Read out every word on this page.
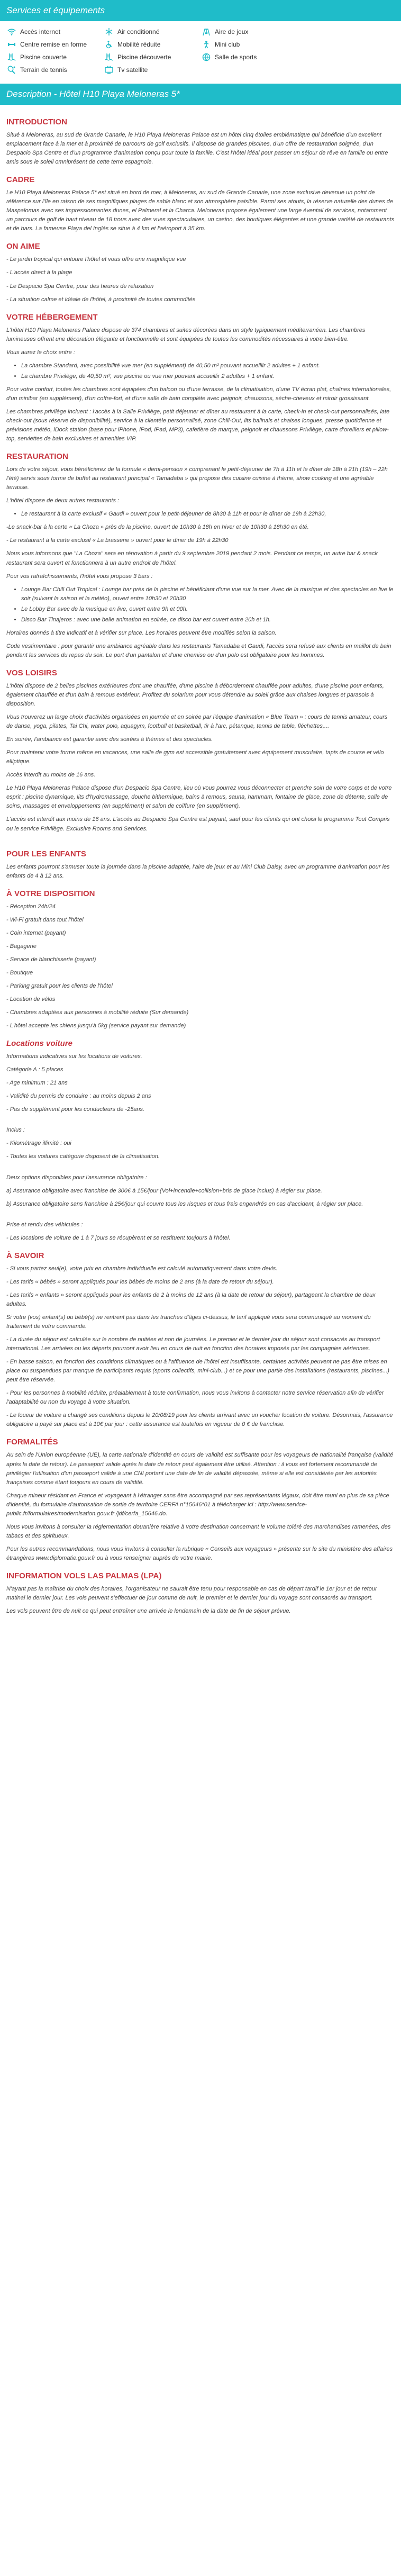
Services et équipements
Accès internet	Air conditionné	Aire de jeux
Centre remise en forme	Mobilité réduite	Mini club
Piscine couverte	Piscine découverte	Salle de sports
Terrain de tennis	Tv satellite
Description - Hôtel H10 Playa Meloneras 5*
INTRODUCTION

Situé à Meloneras, au sud de Grande Canarie, le H10 Playa Meloneras Palace est un hôtel cinq étoiles emblématique qui bénéficie d'un excellent emplacement face à la mer et à proximité de parcours de golf exclusifs. Il dispose de grandes piscines, d'un offre de restauration soignée, d'un Despacio Spa Centre et d'un programme d'animation conçu pour toute la famille. C'est l'hôtel idéal pour passer un séjour de rêve en famille ou entre amis sous le soleil omniprésent de cette terre espagnole.

CADRE

Le H10 Playa Meloneras Palace 5* est situé en bord de mer, à Meloneras, au sud de Grande Canarie, une zone exclusive devenue un point de référence sur l'île en raison de ses magnifiques plages de sable blanc et son atmosphère paisible. Parmi ses atouts, la réserve naturelle des dunes de Maspalomas avec ses impressionnantes dunes, el Palmeral et la Charca. Meloneras propose également une large éventail de services, notamment un parcours de golf de haut niveau de 18 trous avec des vues spectaculaires, un casino, des boutiques élégantes et une grande variété de restaurants et de bars. La fameuse Playa del Inglés se situe à 4 km et l'aéroport à 35 km.

ON AIME

- Le jardin tropical qui entoure l'hôtel et vous offre une magnifique vue

- L'accès direct à la plage

- Le Despacio Spa Centre, pour des heures de relaxation

- La situation calme et idéale de l'hôtel, à proximité de toutes commodités

VOTRE HÉBERGEMENT

L'hôtel H10 Playa Meloneras Palace dispose de 374 chambres et suites décorées dans un style typiquement méditerranéen. Les chambres lumineuses offrent une décoration élégante et fonctionnelle et sont équipées de toutes les commodités nécessaires à votre bien-être.

Vous aurez le choix entre :

• La chambre Standard, avec possibilité vue mer (en supplément) de 40,50 m² pouvant accueillir 2 adultes + 1 enfant.
• La chambre Privilège, de 40,50 m², vue piscine ou vue mer pouvant accueillir 2 adultes + 1 enfant.

Pour votre confort, toutes les chambres sont équipées d'un balcon ou d'une terrasse, de la climatisation, d'une TV écran plat, chaînes internationales, d'un minibar (en supplément), d'un coffre-fort, et d'une salle de bain complète avec peignoir, chaussons, sèche-cheveux et miroir grossissant.

Les chambres privilège incluent : l'accès à la Salle Privilège, petit déjeuner et dîner au restaurant à la carte, check-in et check-out personnalisés, late check-out (sous réserve de disponibilité), service à la clientèle personnalisé, zone Chill-Out, lits balinais et chaises longues, presse quotidienne et prévisions météo, iDock station (base pour iPhone, iPod, iPad, MP3), cafetière de marque, peignoir et chaussons Privilège, carte d'oreillers et pillow-top, serviettes de bain exclusives et amenities VIP.

RESTAURATION

Lors de votre séjour, vous bénéficierez de la formule « demi-pension » comprenant le petit-déjeuner de 7h à 11h et le dîner de 18h à 21h (19h – 22h l'été) servis sous forme de buffet au restaurant principal « Tamadaba » qui propose des cuisine cuisine à thème, show cooking et une agréable terrasse.

L'hôtel dispose de deux autres restaurants :

• Le restaurant à la carte exclusif « Gaudi » ouvert pour le petit-déjeuner de 8h30 à 11h et pour le dîner de 19h à 22h30,

-Le snack-bar à la carte « La Choza » près de la piscine, ouvert de 10h30 à 18h en hiver et de 10h30 à 18h30 en été.

- Le restaurant à la carte exclusif « La brasserie » ouvert pour le dîner de 19h à 22h30

Nous vous informons que "La Choza" sera en rénovation à partir du 9 septembre 2019 pendant 2 mois. Pendant ce temps, un autre bar & snack restaurant sera ouvert et fonctionnera à un autre endroit de l'hôtel.

Pour vos rafraîchissements, l'hôtel vous propose 3 bars :

• Lounge Bar Chill Out Tropical : Lounge bar près de la piscine et bénéficiant d'une vue sur la mer. Avec de la musique et des spectacles en live le soir (suivant la saison et la météo), ouvert entre 10h30 et 20h30
• Le Lobby Bar avec de la musique en live, ouvert entre 9h et 00h.
• Disco Bar Tinajeros : avec une belle animation en soirée, ce disco bar est ouvert entre 20h et 1h.

Horaires donnés à titre indicatif et à vérifier sur place. Les horaires peuvent être modifiés selon la saison.

Code vestimentaire : pour garantir une ambiance agréable dans les restaurants Tamadaba et Gaudi, l'accès sera refusé aux clients en maillot de bain pendant les services du repas du soir. Le port d'un pantalon et d'une chemise ou d'un polo est obligatoire pour les hommes.

VOS LOISIRS

L'hôtel dispose de 2 belles piscines extérieures dont une chauffée, d'une piscine à débordement chauffée pour adultes, d'une piscine pour enfants, également chauffée et d'un bain à remous extérieur. Profitez du solarium pour vous détendre au soleil grâce aux chaises longues et parasols à disposition.

Vous trouverez un large choix d'activités organisées en journée et en soirée par l'équipe d'animation « Blue Team » : cours de tennis amateur, cours de danse, yoga, pilates, Tai Chi, water polo, aquagym, football et basketball, tir à l'arc, pétanque, tennis de table, fléchettes,...

En soirée, l'ambiance est garantie avec des soirées à thèmes et des spectacles.

Pour maintenir votre forme même en vacances, une salle de gym est accessible gratuitement avec équipement musculaire, tapis de course et vélo elliptique.

Accès interdit au moins de 16 ans.

Le H10 Playa Meloneras Palace dispose d'un Despacio Spa Centre, lieu où vous pourrez vous déconnecter et prendre soin de votre corps et de votre esprit : piscine dynamique, lits d'hydromassage, douche bithermique, bains à remous, sauna, hammam, fontaine de glace, zone de détente, salle de soins, massages et enveloppements (en supplément) et salon de coiffure (en supplément).

L'accès est interdit aux moins de 16 ans. L'accès au Despacio Spa Centre est payant, sauf pour les clients qui ont choisi le programme Tout Compris ou le service Privilège. Exclusive Rooms and Services.

POUR LES ENFANTS

Les enfants pourront s'amuser toute la journée dans la piscine adaptée, l'aire de jeux et au Mini Club Daisy, avec un programme d'animation pour les enfants de 4 à 12 ans.

À VOTRE DISPOSITION

- Réception 24h/24

- Wi-Fi gratuit dans tout l'hôtel

- Coin internet (payant)

- Bagagerie

- Service de blanchisserie (payant)

- Boutique

- Parking gratuit pour les clients de l'hôtel

- Location de vélos

- Chambres adaptées aux personnes à mobilité réduite (Sur demande)

- L'hôtel accepte les chiens jusqu'à 5kg (service payant sur demande)

Locations voiture

Informations indicatives sur les locations de voitures.

Catégorie A : 5 places

- Age minimum : 21 ans

- Validité du permis de conduire : au moins depuis 2 ans

- Pas de supplément pour les conducteurs de -25ans.

Inclus :

- Kilométrage illimité : oui

- Toutes les voitures catégorie disposent de la climatisation.

Deux options disponibles pour l'assurance obligatoire :

a) Assurance obligatoire avec franchise de 300€ à 15€/jour (Vol+incendie+collision+bris de glace inclus) à régler sur place.

b) Assurance obligatoire sans franchise à 25€/jour qui couvre tous les risques et tous frais engendrés en cas d'accident, à régler sur place.

Prise et rendu des véhicules :

- Les locations de voiture de 1 à 7 jours se récupèrent et se restituent toujours à l'hôtel.

À SAVOIR

- Si vous partez seul(e), votre prix en chambre individuelle est calculé automatiquement dans votre devis.

- Les tarifs « bébés » seront appliqués pour les bébés de moins de 2 ans (à la date de retour du séjour).

- Les tarifs « enfants » seront appliqués pour les enfants de 2 à moins de 12 ans (à la date de retour du séjour), partageant la chambre de deux adultes.

Si votre (vos) enfant(s) ou bébé(s) ne rentrent pas dans les tranches d'âges ci-dessus, le tarif appliqué vous sera communiqué au moment du traitement de votre commande.

- La durée du séjour est calculée sur le nombre de nuitées et non de journées. Le premier et le dernier jour du séjour sont consacrés au transport international. Les arrivées ou les départs pourront avoir lieu en cours de nuit en fonction des horaires imposés par les compagnies aériennes.

- En basse saison, en fonction des conditions climatiques ou à l'affluence de l'hôtel est insuffisante, certaines activités peuvent ne pas être mises en place ou suspendues par manque de participants requis (sports collectifs, mini-club...) et ce pour une partie des installations (restaurants, piscines...) peut être réservée.

- Pour les personnes à mobilité réduite, préalablement à toute confirmation, nous vous invitons à contacter notre service réservation afin de vérifier l'adaptabilité ou non du voyage à votre situation.

- Le loueur de voiture a changé ses conditions depuis le 20/08/19 pour les clients arrivant avec un voucher location de voiture. Désormais, l'assurance obligatoire a payé sur place est à 10€ par jour : cette assurance est toutefois en vigueur de 0 € de franchise.

FORMALITÉS

Au sein de l'Union européenne (UE), la carte nationale d'identité en cours de validité est suffisante pour les voyageurs de nationalité française (validité après la date de retour). Le passeport valide après la date de retour peut également être utilisé. Attention : il vous est fortement recommandé de privilégier l'utilisation d'un passeport valide à une CNI portant une date de fin de validité dépassée, même si elle est considérée par les autorités françaises comme étant toujours en cours de validité.

Chaque mineur résidant en France et voyageant à l'étranger sans être accompagné par ses représentants légaux, doit être muni en plus de sa pièce d'identité, du formulaire d'autorisation de sortie de territoire CERFA n°15646*01 à télécharger ici : http://www.service-public.fr/formulaires/modernisation.gouv.fr /jdf/cerfa_15646.do.

Nous vous invitons à consulter la réglementation douanière relative à votre destination concernant le volume toléré des marchandises ramenées, des tabacs et des spiritueux.

Pour les autres recommandations, nous vous invitons à consulter la rubrique « Conseils aux voyageurs » présente sur le site du ministère des affaires étrangères www.diplomatie.gouv.fr ou à vous renseigner auprès de votre mairie.

INFORMATION VOLS LAS PALMAS (LPA)

N'ayant pas la maîtrise du choix des horaires, l'organisateur ne saurait être tenu pour responsable en cas de départ tardif le 1er jour et de retour matinal le dernier jour. Les vols peuvent s'effectuer de jour comme de nuit, le premier et le dernier jour du voyage sont consacrés au transport.

Les vols peuvent être de nuit ce qui peut entraîner une arrivée le lendemain de la date de fin de séjour prévue.
